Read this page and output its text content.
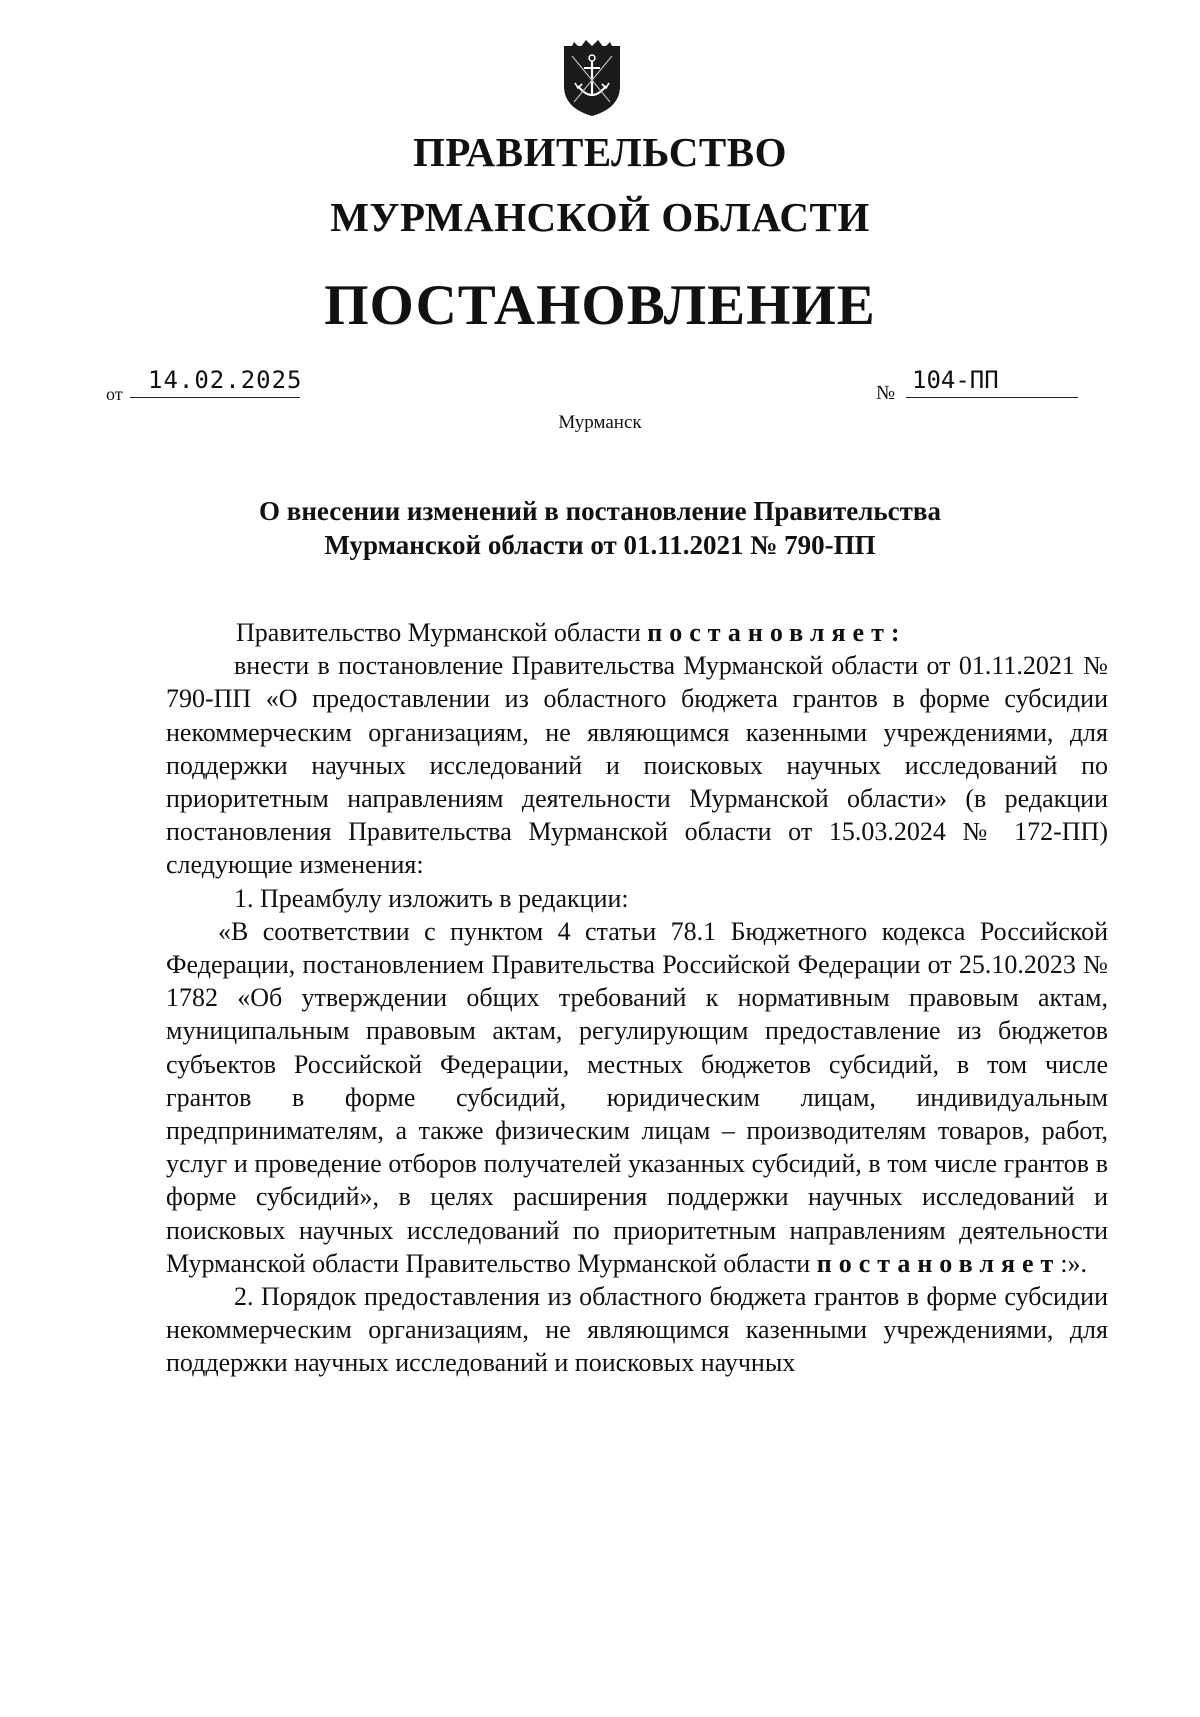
ПРАВИТЕЛЬСТВО
МУРМАНСКОЙ ОБЛАСТИ
ПОСТАНОВЛЕНИЕ
от 14.02.2025	№ 104-ПП
Мурманск
О внесении изменений в постановление Правительства
Мурманской области от 01.11.2021 № 790-ПП

Правительство Мурманской области постановляет:

внести в постановление Правительства Мурманской области от 01.11.2021 № 790-ПП «О предоставлении из областного бюджета грантов в форме субсидии некоммерческим организациям, не являющимся казенными учреждениями, для поддержки научных исследований и поисковых научных исследований по приоритетным направлениям деятельности Мурманской области» (в редакции постановления Правительства Мурманской области от 15.03.2024 № 172-ПП) следующие изменения:

1. Преамбулу изложить в редакции:

«В соответствии с пунктом 4 статьи 78.1 Бюджетного кодекса Российской Федерации, постановлением Правительства Российской Федерации от 25.10.2023 № 1782 «Об утверждении общих требований к нормативным правовым актам, муниципальным правовым актам, регулирующим предоставление из бюджетов субъектов Российской Федерации, местных бюджетов субсидий, в том числе грантов в форме субсидий, юридическим лицам, индивидуальным предпринимателям, а также физическим лицам – производителям товаров, работ, услуг и проведение отборов получателей указанных субсидий, в том числе грантов в форме субсидий», в целях расширения поддержки научных исследований и поисковых научных исследований по приоритетным направлениям деятельности Мурманской области Правительство Мурманской области постановляет:».

2. Порядок предоставления из областного бюджета грантов в форме субсидии некоммерческим организациям, не являющимся казенными учреждениями, для поддержки научных исследований и поисковых научных
